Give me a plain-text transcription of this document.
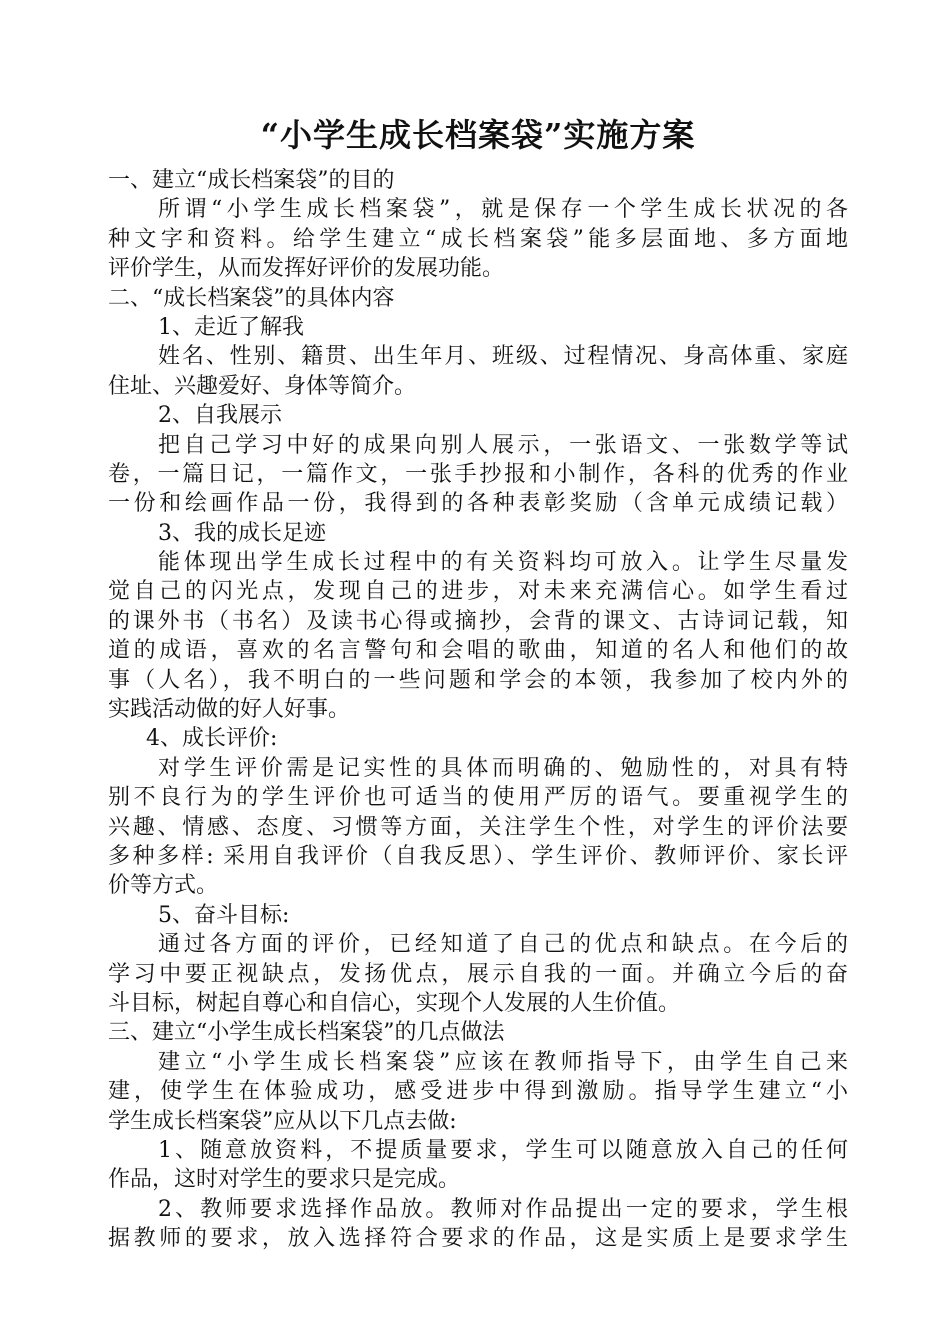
“小学生成长档案袋”实施方案
一、建立“成长档案袋”的目的
所谓“小学生成长档案袋”，就是保存一个学生成长状况的各
种文字和资料。给学生建立“成长档案袋”能多层面地、多方面地
评价学生，从而发挥好评价的发展功能。
二、“成长档案袋”的具体内容
1、走近了解我
姓名、性别、籍贯、出生年月、班级、过程情况、身高体重、家庭
住址、兴趣爱好、身体等简介。
2、自我展示
把自己学习中好的成果向别人展示，一张语文、一张数学等试
卷，一篇日记，一篇作文，一张手抄报和小制作，各科的优秀的作业
一份和绘画作品一份，我得到的各种表彰奖励（含单元成绩记载）
3、我的成长足迹
能体现出学生成长过程中的有关资料均可放入。让学生尽量发
觉自己的闪光点，发现自己的进步，对未来充满信心。如学生看过
的课外书（书名）及读书心得或摘抄，会背的课文、古诗词记载，知
道的成语，喜欢的名言警句和会唱的歌曲，知道的名人和他们的故
事（人名），我不明白的一些问题和学会的本领，我参加了校内外的
实践活动做的好人好事。
4、成长评价:
对学生评价需是记实性的具体而明确的、勉励性的，对具有特
别不良行为的学生评价也可适当的使用严厉的语气。要重视学生的
兴趣、情感、态度、习惯等方面，关注学生个性，对学生的评价法要
多种多样: 采用自我评价（自我反思）、学生评价、教师评价、家长评
价等方式。
5、奋斗目标:
通过各方面的评价，已经知道了自己的优点和缺点。在今后的
学习中要正视缺点，发扬优点，展示自我的一面。并确立今后的奋
斗目标，树起自尊心和自信心，实现个人发展的人生价值。
三、建立“小学生成长档案袋”的几点做法
建立“小学生成长档案袋”应该在教师指导下，由学生自己来
建，使学生在体验成功，感受进步中得到激励。指导学生建立“小
学生成长档案袋”应从以下几点去做:
1、随意放资料，不提质量要求，学生可以随意放入自己的任何
作品，这时对学生的要求只是完成。
2、教师要求选择作品放。教师对作品提出一定的要求，学生根
据教师的要求，放入选择符合要求的作品，这是实质上是要求学生
